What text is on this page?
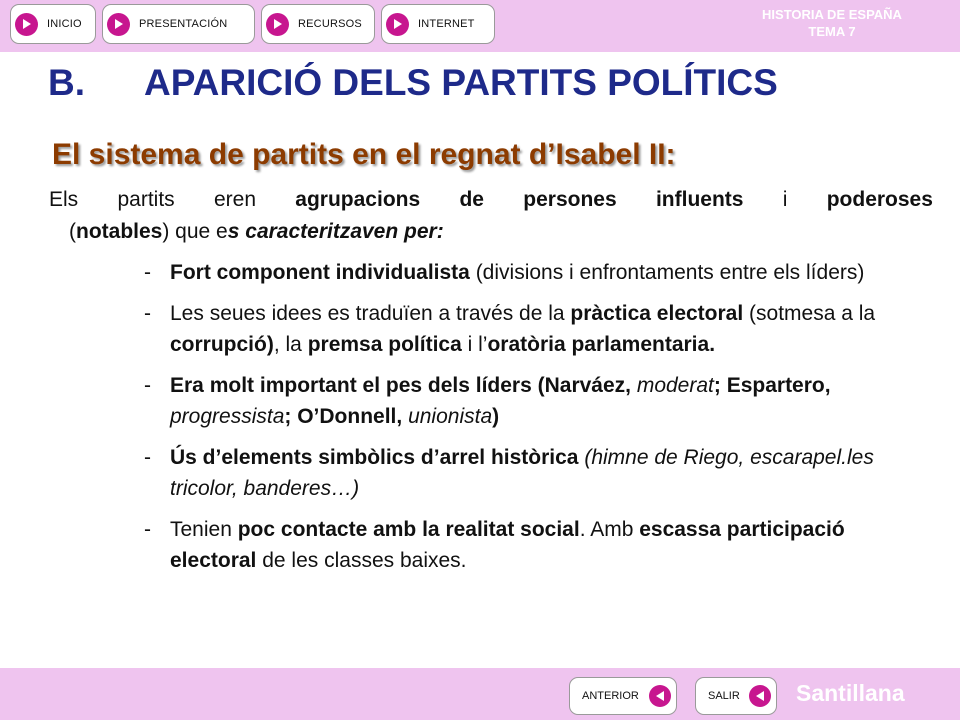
INICIO	PRESENTACIÓN	RECURSOS	INTERNET
HISTORIA DE ESPAÑA
TEMA 7
B. APARICIÓ DELS PARTITS POLÍTICS
El sistema de partits en el regnat d’Isabel II:
Els partits eren agrupacions de persones influents i poderoses
(notables) que es caracteritzaven per:
- Fort component individualista (divisions i enfrontaments entre els líders)
- Les seues idees es traduïen a través de la pràctica electoral (sotmesa a la corrupció), la premsa política i l’oratòria parlamentaria.
- Era molt important el pes dels líders (Narváez, moderat; Espartero, progressista; O’Donnell, unionista)
- Ús d’elements simbòlics d’arrel històrica (himne de Riego, escarapel.les tricolor, banderes…)
- Tenien poc contacte amb la realitat social. Amb escassa participació electoral de les classes baixes.
ANTERIOR	SALIR Santillana
